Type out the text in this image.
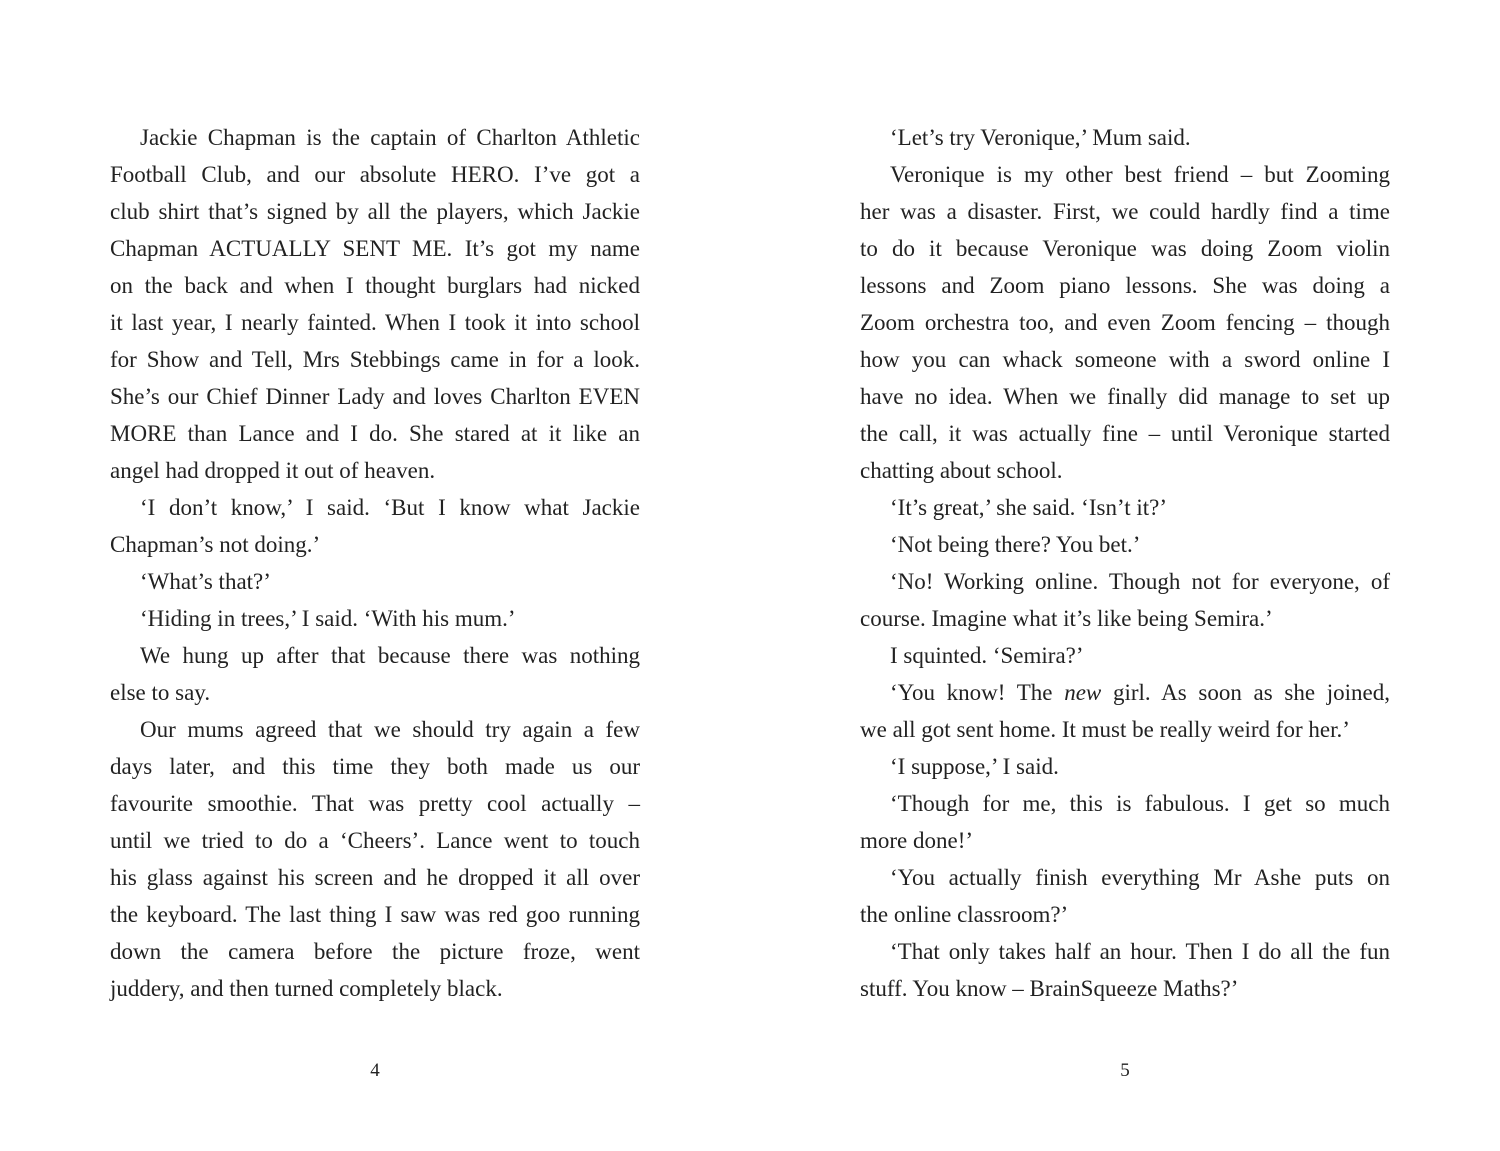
Jackie Chapman is the captain of Charlton Athletic
Football Club, and our absolute HERO. I’ve got a
club shirt that’s signed by all the players, which Jackie
Chapman ACTUALLY SENT ME. It’s got my name
on the back and when I thought burglars had nicked
it last year, I nearly fainted. When I took it into school
for Show and Tell, Mrs Stebbings came in for a look.
She’s our Chief Dinner Lady and loves Charlton EVEN
MORE than Lance and I do. She stared at it like an
angel had dropped it out of heaven.
‘I don’t know,’ I said. ‘But I know what Jackie
Chapman’s not doing.’
‘What’s that?’
‘Hiding in trees,’ I said. ‘With his mum.’
We hung up after that because there was nothing
else to say.
Our mums agreed that we should try again a few
days later, and this time they both made us our
favourite smoothie. That was pretty cool actually –
until we tried to do a ‘Cheers’. Lance went to touch
his glass against his screen and he dropped it all over
the keyboard. The last thing I saw was red goo running
down the camera before the picture froze, went
juddery, and then turned completely black.
‘Let’s try Veronique,’ Mum said.
Veronique is my other best friend – but Zooming
her was a disaster. First, we could hardly find a time
to do it because Veronique was doing Zoom violin
lessons and Zoom piano lessons. She was doing a
Zoom orchestra too, and even Zoom fencing – though
how you can whack someone with a sword online I
have no idea. When we finally did manage to set up
the call, it was actually fine – until Veronique started
chatting about school.
‘It’s great,’ she said. ‘Isn’t it?’
‘Not being there? You bet.’
‘No! Working online. Though not for everyone, of
course. Imagine what it’s like being Semira.’
I squinted. ‘Semira?’
‘You know! The new girl. As soon as she joined,
we all got sent home. It must be really weird for her.’
‘I suppose,’ I said.
‘Though for me, this is fabulous. I get so much
more done!’
‘You actually finish everything Mr Ashe puts on
the online classroom?’
‘That only takes half an hour. Then I do all the fun
stuff. You know – BrainSqueeze Maths?’
4	5
